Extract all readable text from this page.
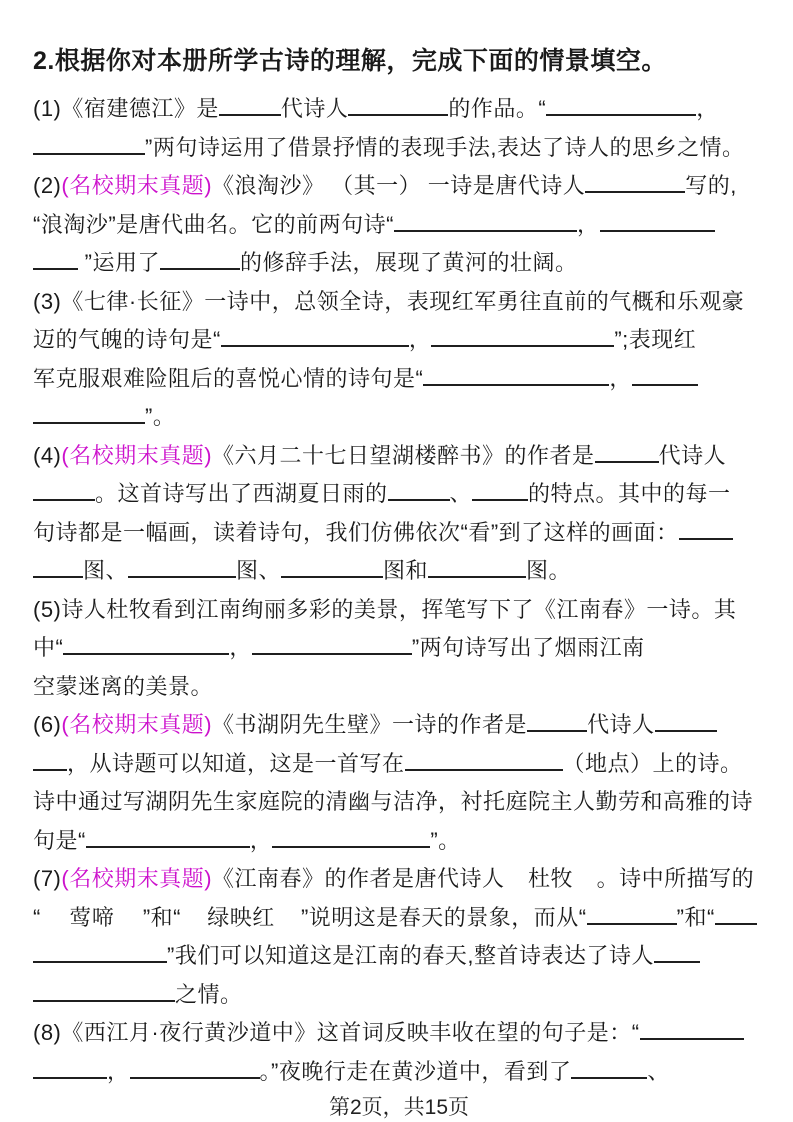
2.根据你对本册所学古诗的理解，完成下面的情景填空。
(1)《宿建德江》是	代诗人	的作品。“	，
”两句诗运用了借景抒情的表现手法,表达了诗人的思乡之情。
(2)(名校期末真题)《浪淘沙》 （其一） 一诗是唐代诗人	写的,
“浪淘沙”是唐代曲名。它的前两句诗“	，
”运用了	的修辞手法，展现了黄河的壮阔。
(3)《七律·长征》一诗中，总领全诗，表现红军勇往直前的气概和乐观豪
迈的气魄的诗句是“	，	”;表现红
军克服艰难险阻后的喜悦心情的诗句是“	，
”。
(4)(名校期末真题)《六月二十七日望湖楼醉书》的作者是	代诗人
。这首诗写出了西湖夏日雨的	、	的特点。其中的每一
句诗都是一幅画，读着诗句，我们仿佛依次“看”到了这样的画面：
图、	图、	图和	图。
(5)诗人杜牧看到江南绚丽多彩的美景，挥笔写下了《江南春》一诗。其
中“	，	”两句诗写出了烟雨江南
空蒙迷离的美景。
(6)(名校期末真题)《书湖阴先生壁》一诗的作者是	代诗人
，从诗题可以知道，这是一首写在	（地点）上的诗。
诗中通过写湖阴先生家庭院的清幽与洁净，衬托庭院主人勤劳和高雅的诗
句是“	，	”。
(7)(名校期末真题)《江南春》的作者是唐代诗人 杜牧 。诗中所描写的
“ 莺啼 ”和“ 绿映红 ”说明这是春天的景象，而从“	”和“
”我们可以知道这是江南的春天,整首诗表达了诗人
之情。
(8)《西江月·夜行黄沙道中》这首词反映丰收在望的句子是：“
，	。”夜晚行走在黄沙道中，看到了	、
第2页，共15页
